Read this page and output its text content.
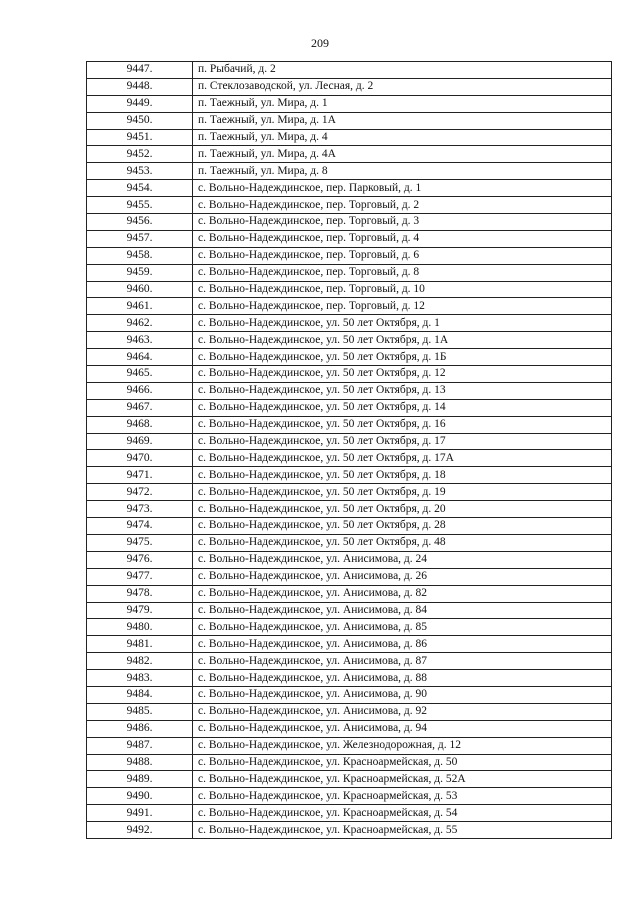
209
9447.	п. Рыбачий, д. 2
9448.	п. Стеклозаводской, ул. Лесная, д. 2
9449.	п. Таежный, ул. Мира, д. 1
9450.	п. Таежный, ул. Мира, д. 1А
9451.	п. Таежный, ул. Мира, д. 4
9452.	п. Таежный, ул. Мира, д. 4А
9453.	п. Таежный, ул. Мира, д. 8
9454.	с. Вольно-Надеждинское, пер. Парковый, д. 1
9455.	с. Вольно-Надеждинское, пер. Торговый, д. 2
9456.	с. Вольно-Надеждинское, пер. Торговый, д. 3
9457.	с. Вольно-Надеждинское, пер. Торговый, д. 4
9458.	с. Вольно-Надеждинское, пер. Торговый, д. 6
9459.	с. Вольно-Надеждинское, пер. Торговый, д. 8
9460.	с. Вольно-Надеждинское, пер. Торговый, д. 10
9461.	с. Вольно-Надеждинское, пер. Торговый, д. 12
9462.	с. Вольно-Надеждинское, ул. 50 лет Октября, д. 1
9463.	с. Вольно-Надеждинское, ул. 50 лет Октября, д. 1А
9464.	с. Вольно-Надеждинское, ул. 50 лет Октября, д. 1Б
9465.	с. Вольно-Надеждинское, ул. 50 лет Октября, д. 12
9466.	с. Вольно-Надеждинское, ул. 50 лет Октября, д. 13
9467.	с. Вольно-Надеждинское, ул. 50 лет Октября, д. 14
9468.	с. Вольно-Надеждинское, ул. 50 лет Октября, д. 16
9469.	с. Вольно-Надеждинское, ул. 50 лет Октября, д. 17
9470.	с. Вольно-Надеждинское, ул. 50 лет Октября, д. 17А
9471.	с. Вольно-Надеждинское, ул. 50 лет Октября, д. 18
9472.	с. Вольно-Надеждинское, ул. 50 лет Октября, д. 19
9473.	с. Вольно-Надеждинское, ул. 50 лет Октября, д. 20
9474.	с. Вольно-Надеждинское, ул. 50 лет Октября, д. 28
9475.	с. Вольно-Надеждинское, ул. 50 лет Октября, д. 48
9476.	с. Вольно-Надеждинское, ул. Анисимова, д. 24
9477.	с. Вольно-Надеждинское, ул. Анисимова, д. 26
9478.	с. Вольно-Надеждинское, ул. Анисимова, д. 82
9479.	с. Вольно-Надеждинское, ул. Анисимова, д. 84
9480.	с. Вольно-Надеждинское, ул. Анисимова, д. 85
9481.	с. Вольно-Надеждинское, ул. Анисимова, д. 86
9482.	с. Вольно-Надеждинское, ул. Анисимова, д. 87
9483.	с. Вольно-Надеждинское, ул. Анисимова, д. 88
9484.	с. Вольно-Надеждинское, ул. Анисимова, д. 90
9485.	с. Вольно-Надеждинское, ул. Анисимова, д. 92
9486.	с. Вольно-Надеждинское, ул. Анисимова, д. 94
9487.	с. Вольно-Надеждинское, ул. Железнодорожная, д. 12
9488.	с. Вольно-Надеждинское, ул. Красноармейская, д. 50
9489.	с. Вольно-Надеждинское, ул. Красноармейская, д. 52А
9490.	с. Вольно-Надеждинское, ул. Красноармейская, д. 53
9491.	с. Вольно-Надеждинское, ул. Красноармейская, д. 54
9492.	с. Вольно-Надеждинское, ул. Красноармейская, д. 55
